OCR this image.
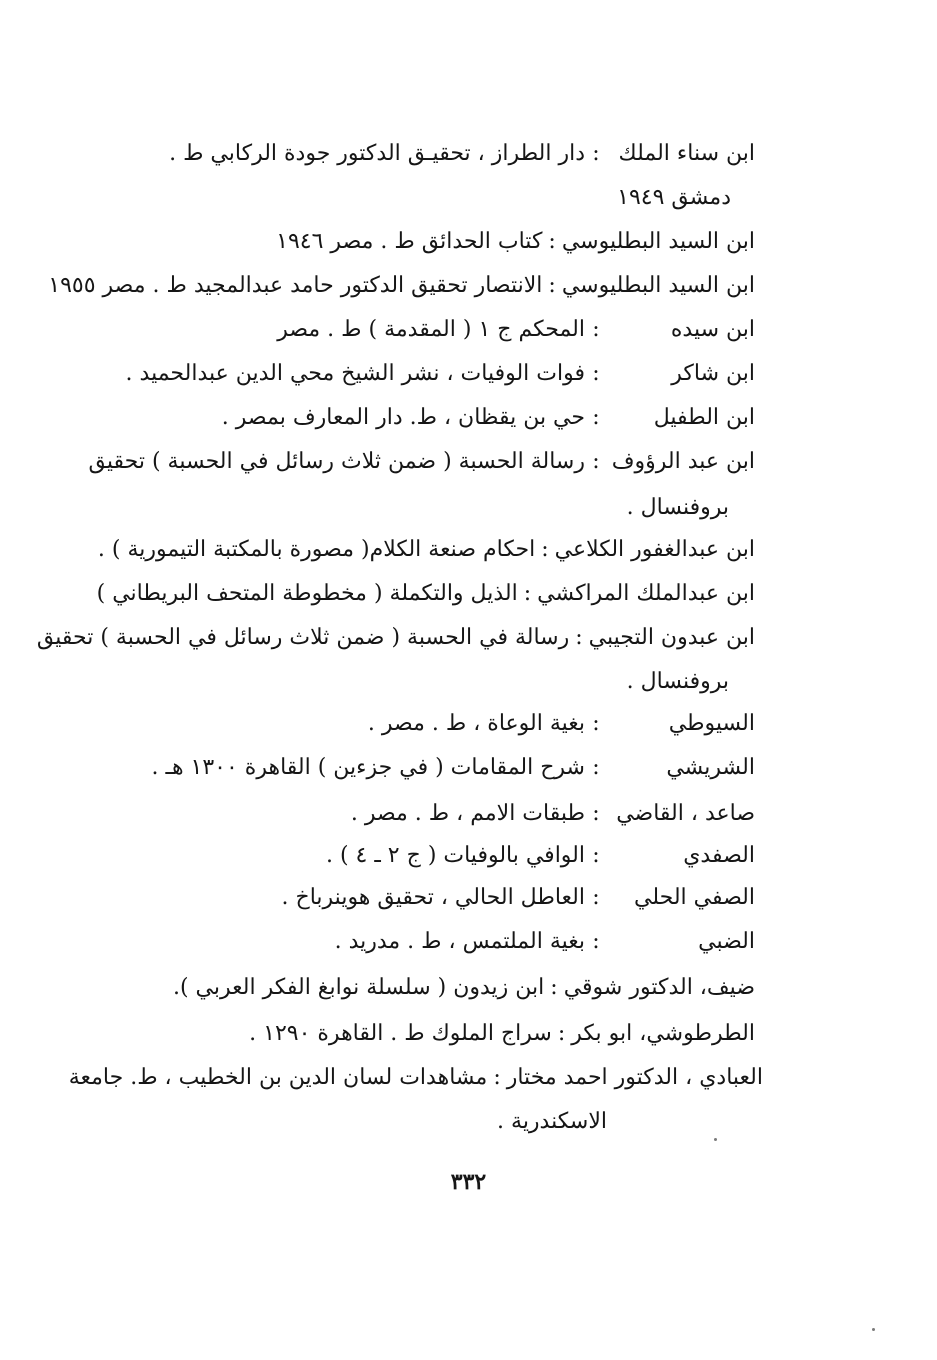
ابن سناء الملك:دار الطراز ، تحقيـق الدكتور جودة الركابي ط .
دمشق ١٩٤٩
ابن السيد البطليوسي:كتاب الحدائق ط . مصر ١٩٤٦
ابن السيد البطليوسي:الانتصار تحقيق الدكتور حامد عبدالمجيد ط . مصر ١٩٥٥
ابن سيده:المحكم ج ١ ( المقدمة ) ط . مصر
ابن شاكر:فوات الوفيات ، نشر الشيخ محي الدين عبدالحميد .
ابن الطفيل:حي بن يقظان ، ط. دار المعارف بمصر .
ابن عبد الرؤوف:رسالة الحسبة ( ضمن ثلاث رسائل في الحسبة ) تحقيق
بروفنسال .
ابن عبدالغفور الكلاعي:احكام صنعة الكلام( مصورة بالمكتبة التيمورية ) .
ابن عبدالملك المراكشي:الذيل والتكملة ( مخطوطة المتحف البريطاني )
ابن عبدون التجيبي:رسالة في الحسبة ( ضمن ثلاث رسائل في الحسبة ) تحقيق
بروفنسال .
السيوطي:بغية الوعاة ، ط . مصر .
الشريشي:شرح المقامات ( في جزءين ) القاهرة ١٣٠٠ هـ .
صاعد ، القاضي:طبقات الامم ، ط . مصر .
الصفدي:الوافي بالوفيات ( ج ٢ ـ ٤ ) .
الصفي الحلي:العاطل الحالي ، تحقيق هوينرباخ .
الضبي:بغية الملتمس ، ط . مدريد .
ضيف، الدكتور شوقي:ابن زيدون ( سلسلة نوابغ الفكر العربي ).
الطرطوشي، ابو بكر:سراج الملوك ط . القاهرة ١٢٩٠ .
العبادي ، الدكتور احمد مختار:مشاهدات لسان الدين بن الخطيب ، ط. جامعة
الاسكندرية .
٣٣٢
